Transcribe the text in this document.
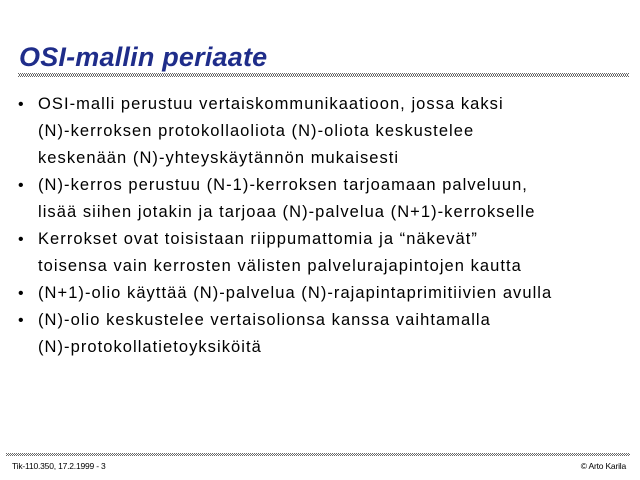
OSI-mallin periaate
• OSI-malli perustuu vertaiskommunikaatioon, jossa kaksi
(N)-kerroksen protokollaoliota (N)-oliota keskustelee
keskenään (N)-yhteyskäytännön mukaisesti
• (N)-kerros perustuu (N-1)-kerroksen tarjoamaan palveluun,
lisää siihen jotakin ja tarjoaa (N)-palvelua (N+1)-kerrokselle
• Kerrokset ovat toisistaan riippumattomia ja “näkevät”
toisensa vain kerrosten välisten palvelurajapintojen kautta
• (N+1)-olio käyttää (N)-palvelua (N)-rajapintaprimitiivien avulla
• (N)-olio keskustelee vertaisolionsa kanssa vaihtamalla
(N)-protokollatietoyksiköitä
Tik-110.350, 17.2.1999 - 3	© Arto Karila
